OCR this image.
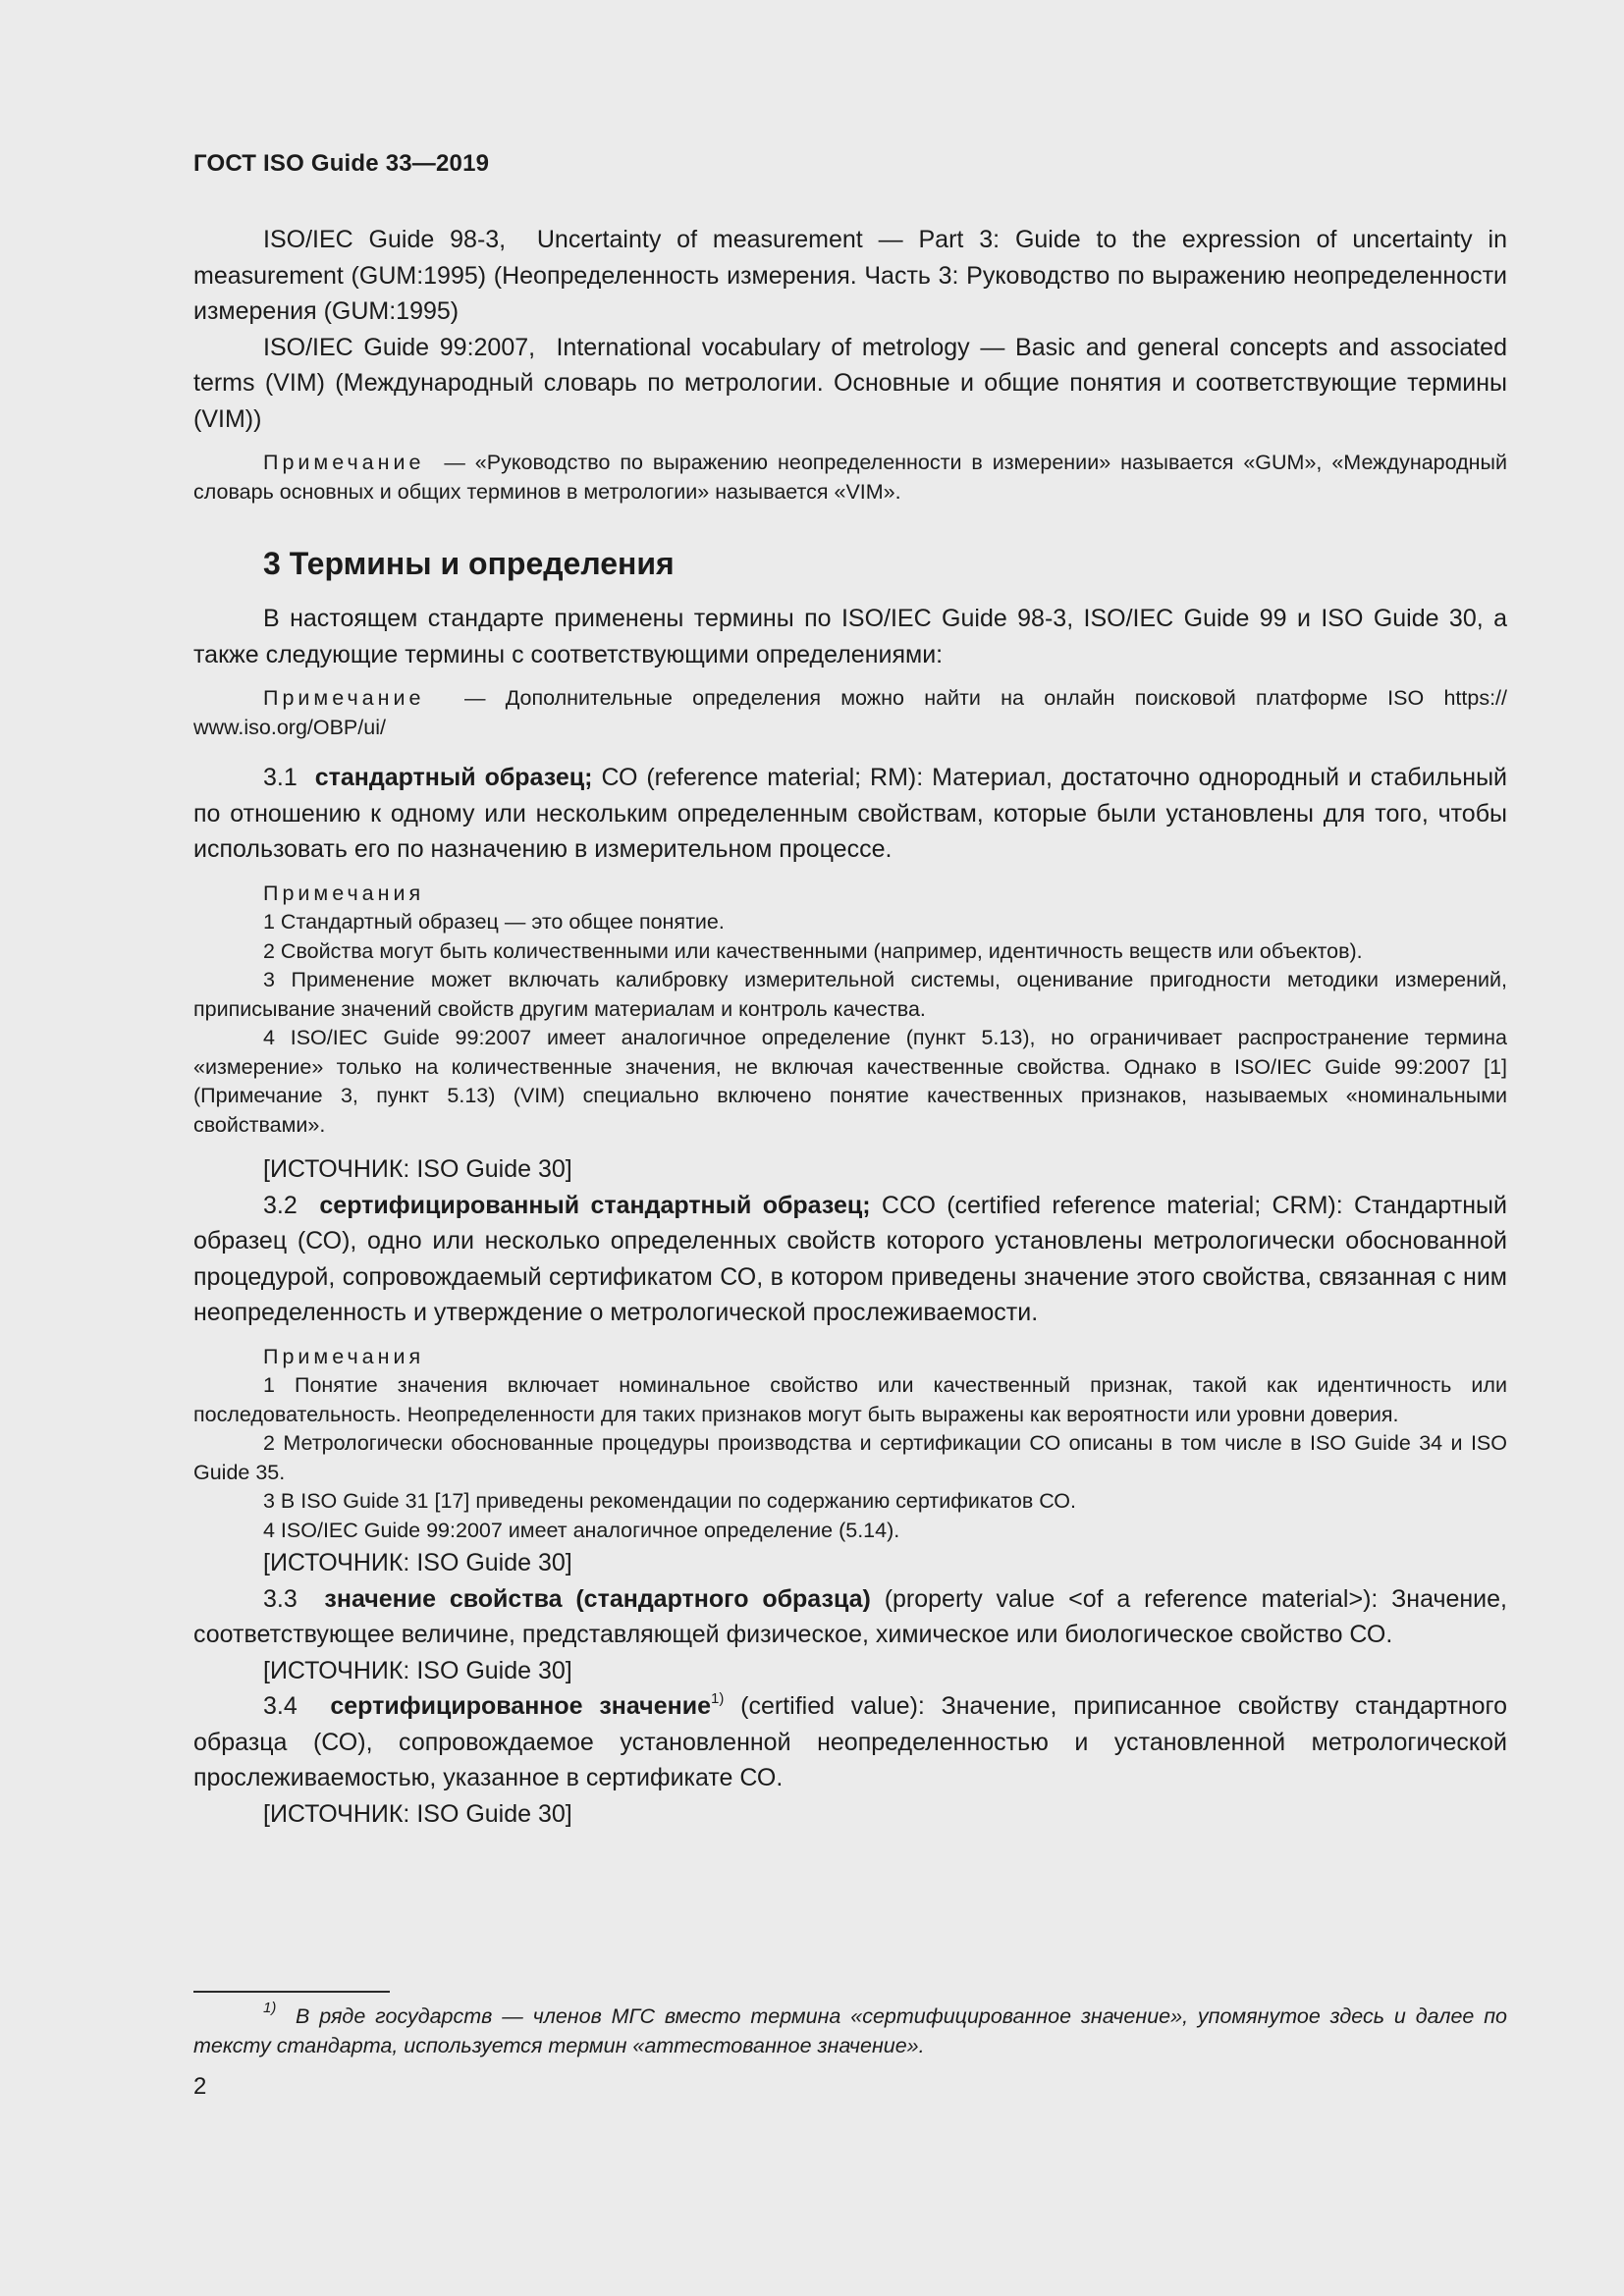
ГОСТ ISO Guide 33—2019

ISO/IEC Guide 98-3, Uncertainty of measurement — Part 3: Guide to the expression of uncertainty in measurement (GUM:1995) (Неопределенность измерения. Часть 3: Руководство по выражению неопределенности измерения (GUM:1995)

ISO/IEC Guide 99:2007, International vocabulary of metrology — Basic and general concepts and associated terms (VIM) (Международный словарь по метрологии. Основные и общие понятия и соответствующие термины (VIM))

Примечание — «Руководство по выражению неопределенности в измерении» называется «GUM», «Международный словарь основных и общих терминов в метрологии» называется «VIM».

3 Термины и определения

В настоящем стандарте применены термины по ISO/IEC Guide 98-3, ISO/IEC Guide 99 и ISO Guide 30, а также следующие термины с соответствующими определениями:

Примечание — Дополнительные определения можно найти на онлайн поисковой платформе ISO https:// www.iso.org/OBP/ui/

3.1 стандартный образец; СО (reference material; RM): Материал, достаточно однородный и стабильный по отношению к одному или нескольким определенным свойствам, которые были установлены для того, чтобы использовать его по назначению в измерительном процессе.

Примечания

1 Стандартный образец — это общее понятие.

2 Свойства могут быть количественными или качественными (например, идентичность веществ или объектов).

3 Применение может включать калибровку измерительной системы, оценивание пригодности методики измерений, приписывание значений свойств другим материалам и контроль качества.

4 ISO/IEC Guide 99:2007 имеет аналогичное определение (пункт 5.13), но ограничивает распространение термина «измерение» только на количественные значения, не включая качественные свойства. Однако в ISO/IEC Guide 99:2007 [1] (Примечание 3, пункт 5.13) (VIM) специально включено понятие качественных признаков, называемых «номинальными свойствами».

[ИСТОЧНИК: ISO Guide 30]

3.2 сертифицированный стандартный образец; ССО (certified reference material; CRM): Стандартный образец (СО), одно или несколько определенных свойств которого установлены метрологически обоснованной процедурой, сопровождаемый сертификатом СО, в котором приведены значение этого свойства, связанная с ним неопределенность и утверждение о метрологической прослеживаемости.

Примечания

1 Понятие значения включает номинальное свойство или качественный признак, такой как идентичность или последовательность. Неопределенности для таких признаков могут быть выражены как вероятности или уровни доверия.

2 Метрологически обоснованные процедуры производства и сертификации СО описаны в том числе в ISO Guide 34 и ISO Guide 35.

3 В ISO Guide 31 [17] приведены рекомендации по содержанию сертификатов СО.

4 ISO/IEC Guide 99:2007 имеет аналогичное определение (5.14).

[ИСТОЧНИК: ISO Guide 30]

3.3 значение свойства (стандартного образца) (property value <of a reference material>): Значение, соответствующее величине, представляющей физическое, химическое или биологическое свойство СО.

[ИСТОЧНИК: ISO Guide 30]

3.4 сертифицированное значение$^{1)}$ (certified value): Значение, приписанное свойству стандартного образца (СО), сопровождаемое установленной неопределенностью и установленной метрологической прослеживаемостью, указанное в сертификате СО.

[ИСТОЧНИК: ISO Guide 30]

$^{1)}$ В ряде государств — членов МГС вместо термина «сертифицированное значение», упомянутое здесь и далее по тексту стандарта, используется термин «аттестованное значение».

2
